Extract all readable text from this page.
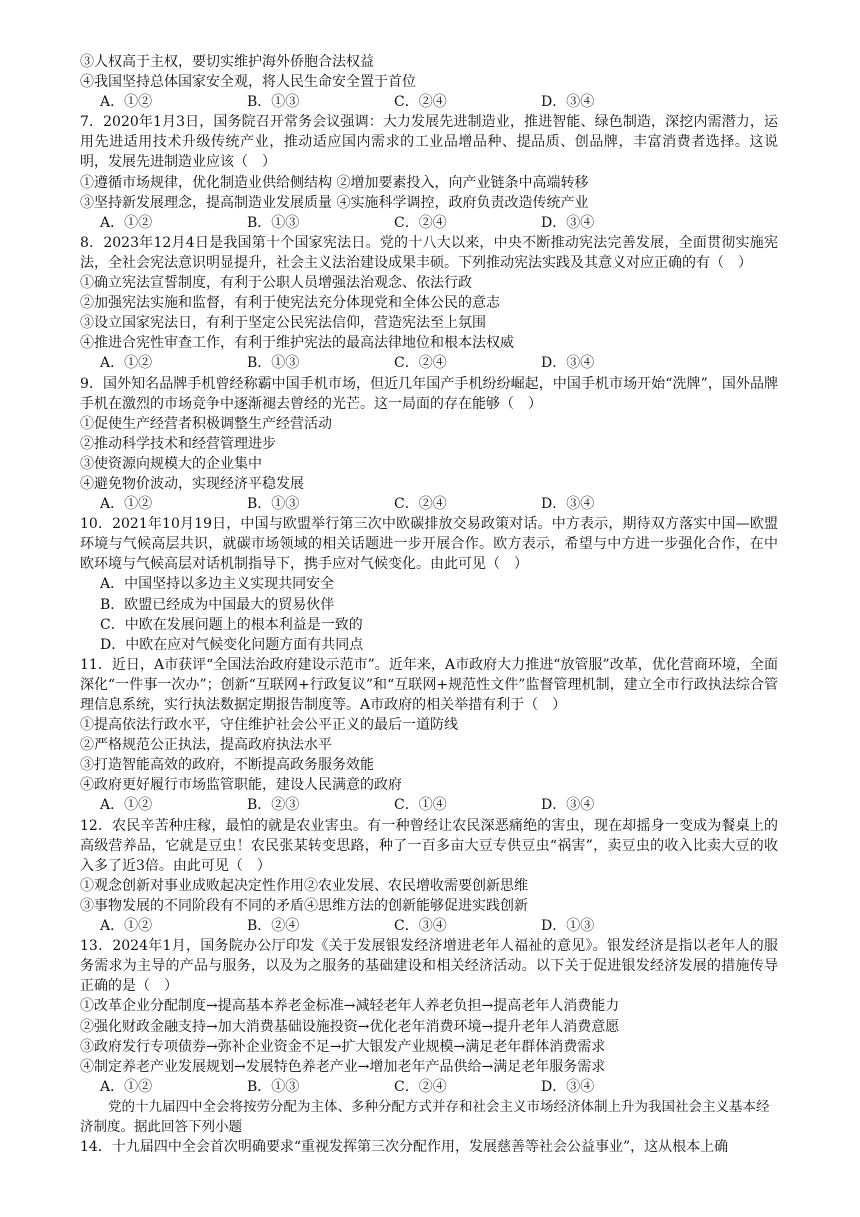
③人权高于主权，要切实维护海外侨胞合法权益
④我国坚持总体国家安全观，将人民生命安全置于首位
A．①②	B．①③	C．②④	D．③④
7．2020年1月3日，国务院召开常务会议强调：大力发展先进制造业，推进智能、绿色制造，深挖内需潜力，运用先进适用技术升级传统产业，推动适应国内需求的工业品增品种、提品质、创品牌，丰富消费者选择。这说明，发展先进制造业应该（　）
①遵循市场规律，优化制造业供给侧结构 ②增加要素投入，向产业链条中高端转移
③坚持新发展理念，提高制造业发展质量 ④实施科学调控，政府负责改造传统产业
A．①②	B．①③	C．②④	D．③④
8．2023年12月4日是我国第十个国家宪法日。党的十八大以来，中央不断推动宪法完善发展，全面贯彻实施宪法，全社会宪法意识明显提升，社会主义法治建设成果丰硕。下列推动宪法实践及其意义对应正确的有（　）
①确立宪法宣誓制度，有利于公职人员增强法治观念、依法行政
②加强宪法实施和监督，有利于使宪法充分体现党和全体公民的意志
③设立国家宪法日，有利于坚定公民宪法信仰，营造宪法至上氛围
④推进合宪性审查工作，有利于维护宪法的最高法律地位和根本法权威
A．①②	B．①③	C．②④	D．③④
9．国外知名品牌手机曾经称霸中国手机市场，但近几年国产手机纷纷崛起，中国手机市场开始“洗牌”，国外品牌手机在激烈的市场竞争中逐渐褪去曾经的光芒。这一局面的存在能够（　）
①促使生产经营者积极调整生产经营活动
②推动科学技术和经营管理进步
③使资源向规模大的企业集中
④避免物价波动，实现经济平稳发展
A．①②	B．①③	C．②④	D．③④
10．2021年10月19日，中国与欧盟举行第三次中欧碳排放交易政策对话。中方表示，期待双方落实中国—欧盟环境与气候高层共识，就碳市场领域的相关话题进一步开展合作。欧方表示，希望与中方进一步强化合作，在中欧环境与气候高层对话机制指导下，携手应对气候变化。由此可见（　）
A．中国坚持以多边主义实现共同安全
B．欧盟已经成为中国最大的贸易伙伴
C．中欧在发展问题上的根本利益是一致的
D．中欧在应对气候变化问题方面有共同点
11．近日，A市获评“全国法治政府建设示范市”。近年来，A市政府大力推进“放管服”改革，优化营商环境，全面深化“一件事一次办”；创新“互联网+行政复议”和“互联网+规范性文件”监督管理机制，建立全市行政执法综合管理信息系统，实行执法数据定期报告制度等。A市政府的相关举措有利于（　）
①提高依法行政水平，守住维护社会公平正义的最后一道防线
②严格规范公正执法，提高政府执法水平
③打造智能高效的政府，不断提高政务服务效能
④政府更好履行市场监管职能，建设人民满意的政府
A．①②	B．②③	C．①④	D．③④
12．农民辛苦种庄稼，最怕的就是农业害虫。有一种曾经让农民深恶痛绝的害虫，现在却摇身一变成为餐桌上的高级营养品，它就是豆虫！农民张某转变思路，种了一百多亩大豆专供豆虫“祸害”，卖豆虫的收入比卖大豆的收入多了近3倍。由此可见（　）
①观念创新对事业成败起决定性作用②农业发展、农民增收需要创新思维
③事物发展的不同阶段有不同的矛盾④思维方法的创新能够促进实践创新
A．①②	B．②④	C．③④	D．①③
13．2024年1月，国务院办公厅印发《关于发展银发经济增进老年人福祉的意见》。银发经济是指以老年人的服务需求为主导的产品与服务，以及为之服务的基础建设和相关经济活动。以下关于促进银发经济发展的措施传导正确的是（　）
①改革企业分配制度→提高基本养老金标准→减轻老年人养老负担→提高老年人消费能力
②强化财政金融支持→加大消费基础设施投资→优化老年消费环境→提升老年人消费意愿
③政府发行专项债券→弥补企业资金不足→扩大银发产业规模→满足老年群体消费需求
④制定养老产业发展规划→发展特色养老产业→增加老年产品供给→满足老年服务需求
A．①②	B．①③	C．②④	D．③④
党的十九届四中全会将按劳分配为主体、多种分配方式并存和社会主义市场经济体制上升为我国社会主义基本经济制度。据此回答下列小题
14．十九届四中全会首次明确要求“重视发挥第三次分配作用，发展慈善等社会公益事业”，这从根本上确
